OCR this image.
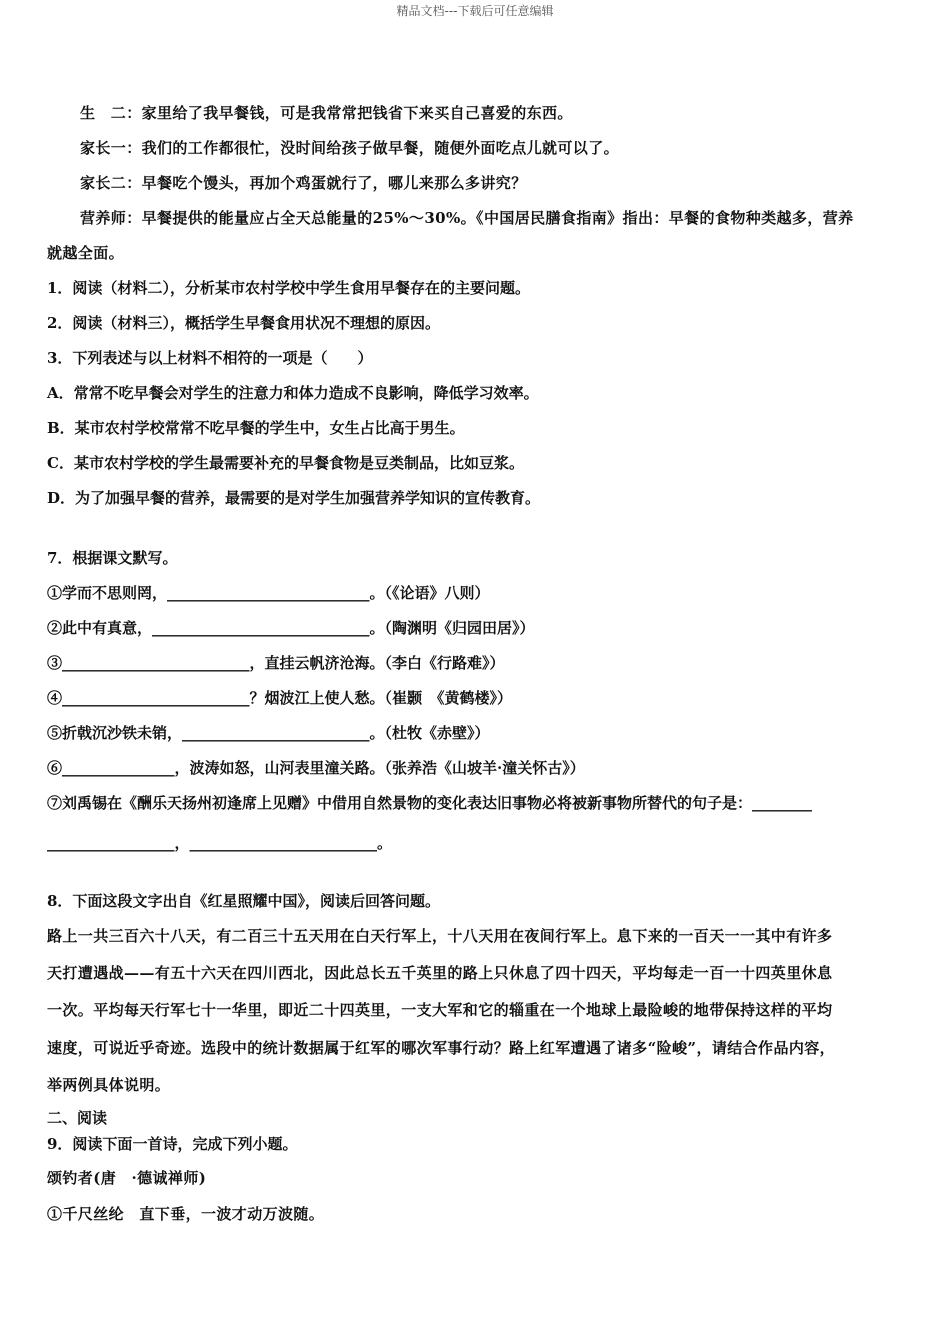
精品文档---下载后可任意编辑
生　二：家里给了我早餐钱，可是我常常把钱省下来买自己喜爱的东西。
家长一：我们的工作都很忙，没时间给孩子做早餐，随便外面吃点儿就可以了。
家长二：早餐吃个馒头，再加个鸡蛋就行了，哪儿来那么多讲究？
营养师：早餐提供的能量应占全天总能量的25%～30%。《中国居民膳食指南》指出：早餐的食物种类越多，营养
就越全面。
1．阅读（材料二），分析某市农村学校中学生食用早餐存在的主要问题。
2．阅读（材料三），概括学生早餐食用状况不理想的原因。
3．下列表述与以上材料不相符的一项是（　　）
A．常常不吃早餐会对学生的注意力和体力造成不良影响，降低学习效率。
B．某市农村学校常常不吃早餐的学生中，女生占比高于男生。
C．某市农村学校的学生最需要补充的早餐食物是豆类制品，比如豆浆。
D．为了加强早餐的营养，最需要的是对学生加强营养学知识的宣传教育。
7．根据课文默写。
①学而不思则罔，___________________________。（《论语》八则）
②此中有真意，_____________________________。（陶渊明《归园田居》）
③_________________________，直挂云帆济沧海。（李白《行路难》）
④_________________________？烟波江上使人愁。（崔颢　《黄鹤楼》）
⑤折戟沉沙铁未销，_________________________。（杜牧《赤壁》）
⑥_______________，波涛如怒，山河表里潼关路。（张养浩《山坡羊·潼关怀古》）
⑦刘禹锡在《酬乐天扬州初逢席上见赠》中借用自然景物的变化表达旧事物必将被新事物所替代的句子是：________
_________________，_________________________。
8．下面这段文字出自《红星照耀中国》，阅读后回答问题。
路上一共三百六十八天，有二百三十五天用在白天行军上，十八天用在夜间行军上。息下来的一百天一一其中有许多
天打遭遇战——有五十六天在四川西北，因此总长五千英里的路上只休息了四十四天，平均每走一百一十四英里休息
一次。平均每天行军七十一华里，即近二十四英里，一支大军和它的辎重在一个地球上最险峻的地带保持这样的平均
速度，可说近乎奇迹。选段中的统计数据属于红军的哪次军事行动？路上红军遭遇了诸多“险峻”，请结合作品内容，
举两例具体说明。
二、阅读
9．阅读下面一首诗，完成下列小题。
颂钓者(唐　·德诚禅师)
①千尺丝纶　直下垂，一波才动万波随。
